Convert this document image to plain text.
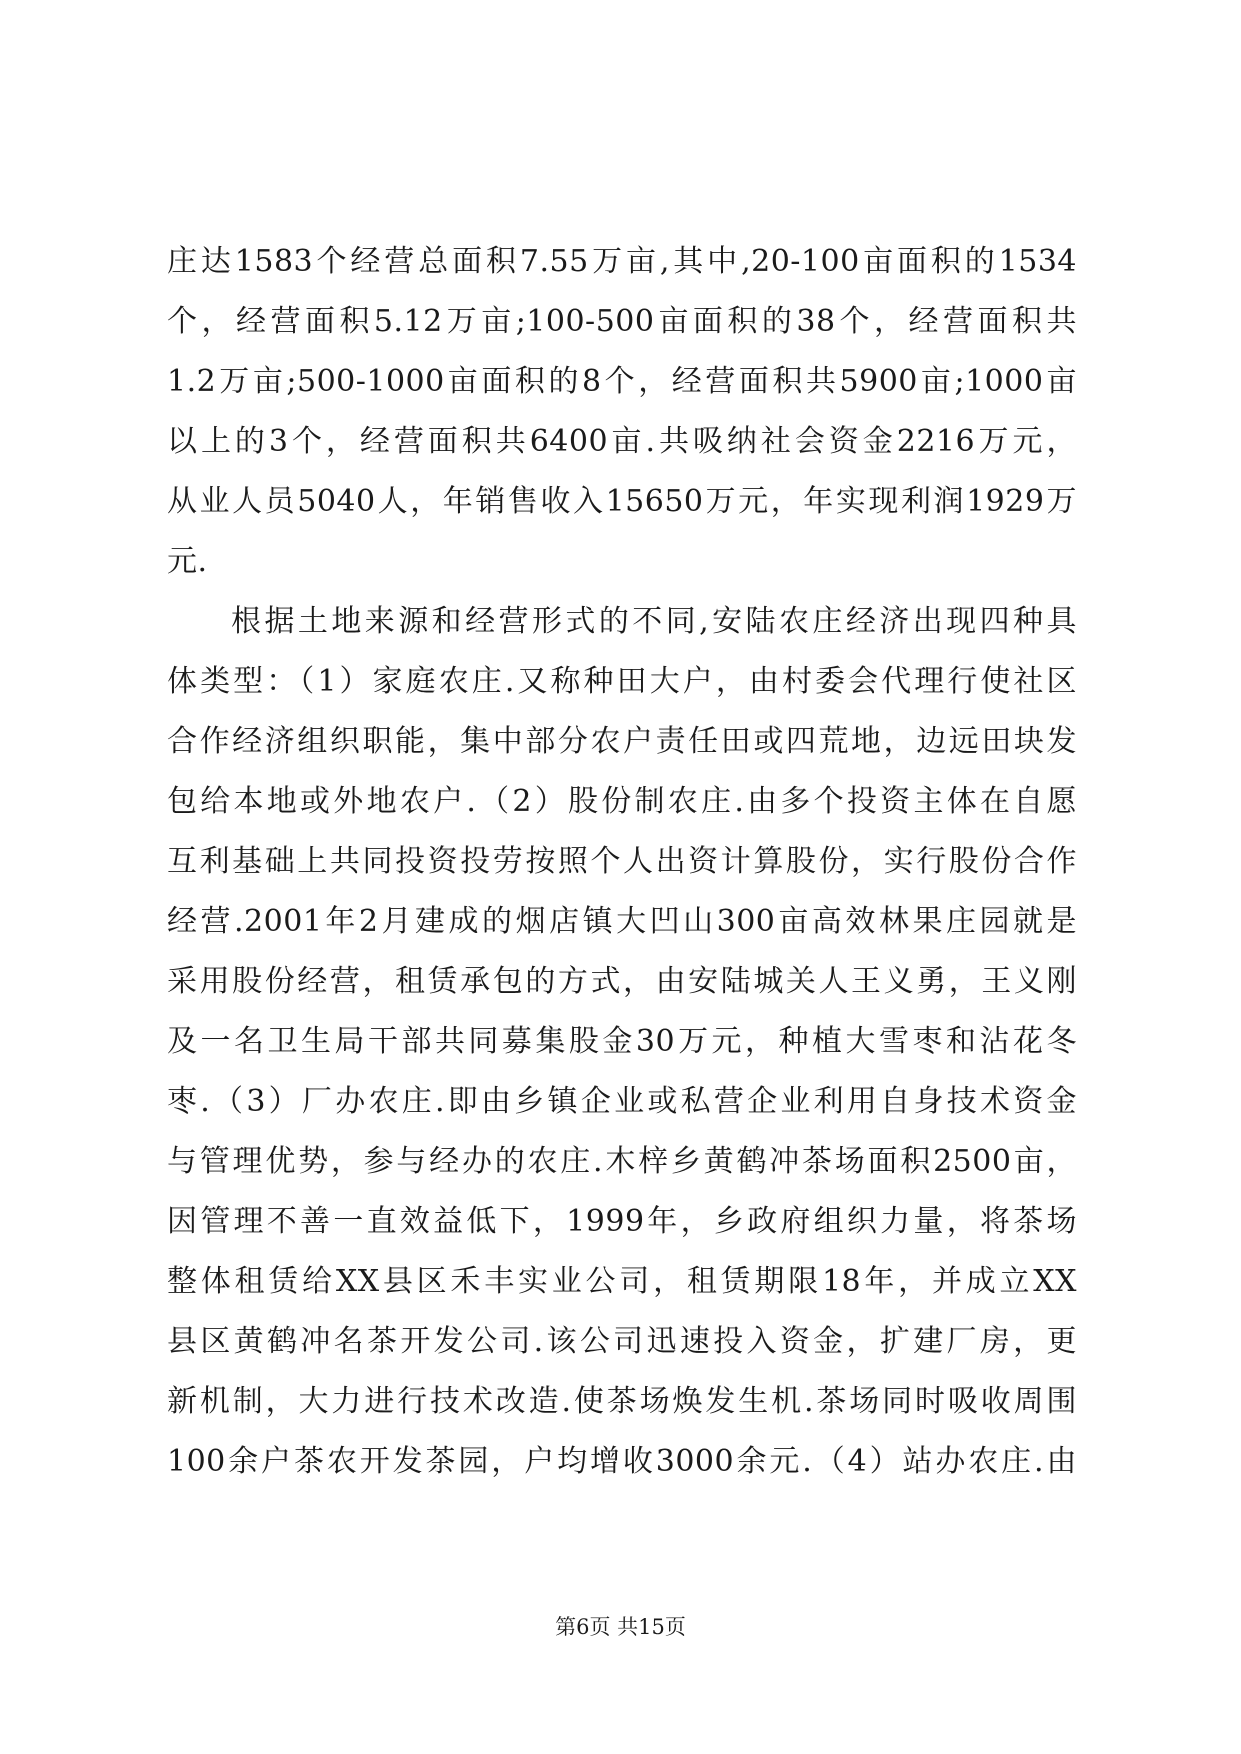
庄达1583个经营总面积7.55万亩,其中,20-100亩面积的1534
个，经营面积5.12万亩;100-500亩面积的38个，经营面积共
1.2万亩;500-1000亩面积的8个，经营面积共5900亩;1000亩
以上的3个，经营面积共6400亩.共吸纳社会资金2216万元，
从业人员5040人，年销售收入15650万元，年实现利润1929万
元.
根据土地来源和经营形式的不同,安陆农庄经济出现四种具
体类型：（1）家庭农庄.又称种田大户，由村委会代理行使社区
合作经济组织职能，集中部分农户责任田或四荒地，边远田块发
包给本地或外地农户.（2）股份制农庄.由多个投资主体在自愿
互利基础上共同投资投劳按照个人出资计算股份，实行股份合作
经营.2001年2月建成的烟店镇大凹山300亩高效林果庄园就是
采用股份经营，租赁承包的方式，由安陆城关人王义勇，王义刚
及一名卫生局干部共同募集股金30万元，种植大雪枣和沾花冬
枣.（3）厂办农庄.即由乡镇企业或私营企业利用自身技术资金
与管理优势，参与经办的农庄.木梓乡黄鹤冲茶场面积2500亩，
因管理不善一直效益低下，1999年，乡政府组织力量，将茶场
整体租赁给XX县区禾丰实业公司，租赁期限18年，并成立XX
县区黄鹤冲名茶开发公司.该公司迅速投入资金，扩建厂房，更
新机制，大力进行技术改造.使茶场焕发生机.茶场同时吸收周围
100余户茶农开发茶园，户均增收3000余元.（4）站办农庄.由
第6页 共15页
